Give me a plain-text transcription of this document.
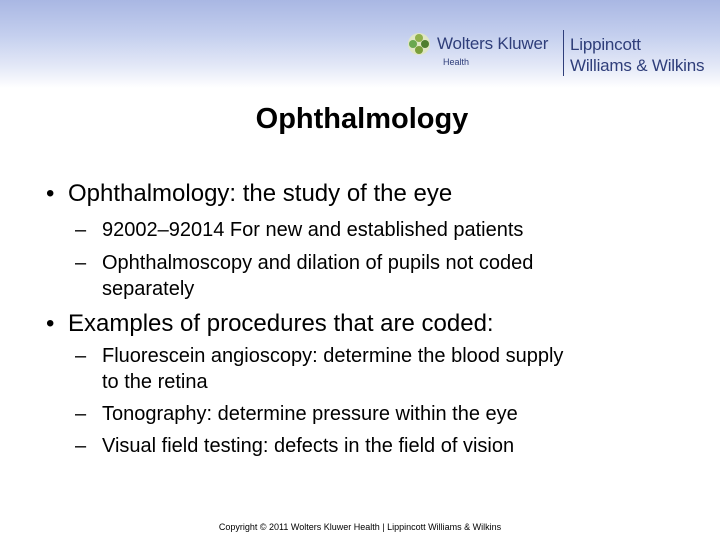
Wolters Kluwer
Health
Lippincott
Williams & Wilkins
Ophthalmology
• Ophthalmology: the study of the eye
– 92002–92014 For new and established patients
– Ophthalmoscopy and dilation of pupils not coded
separately
• Examples of procedures that are coded:
– Fluorescein angioscopy: determine the blood supply
to the retina
– Tonography: determine pressure within the eye
– Visual field testing: defects in the field of vision
Copyright © 2011 Wolters Kluwer Health | Lippincott Williams & Wilkins
